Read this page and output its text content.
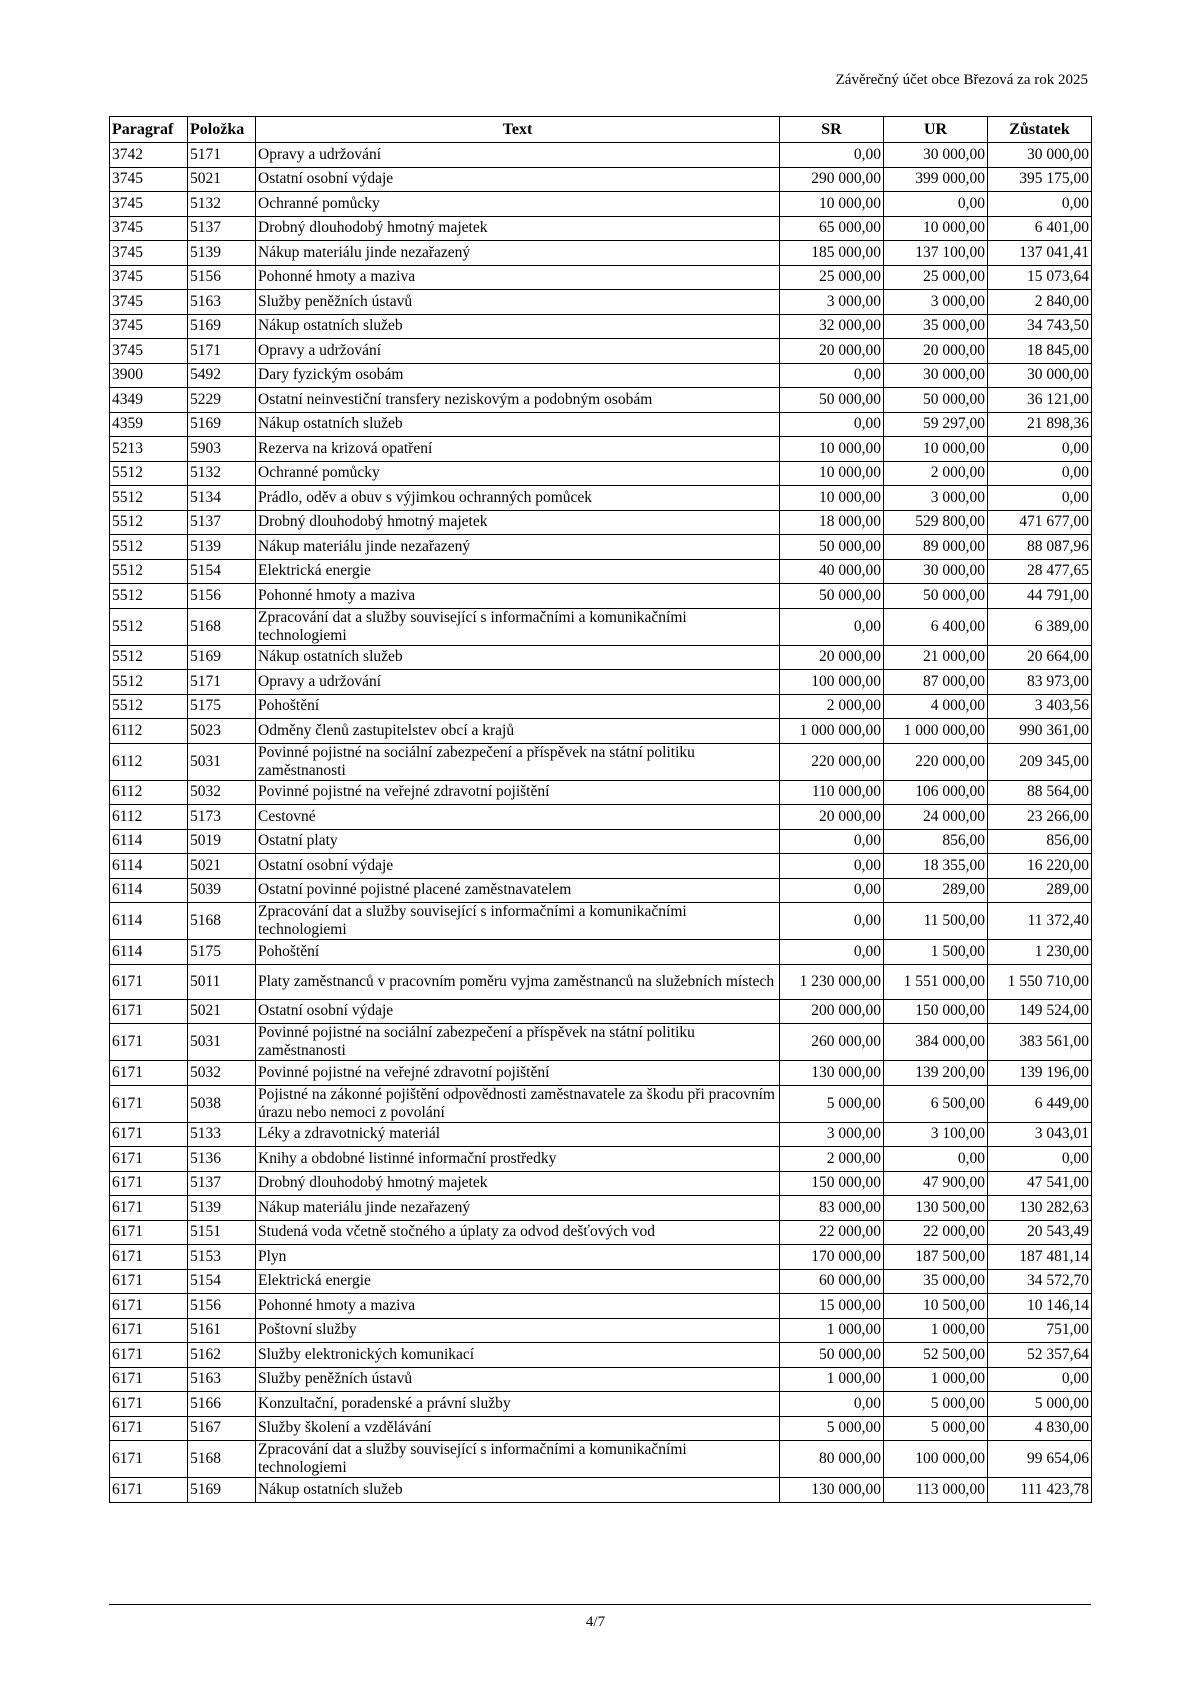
Závěrečný účet obce Březová za rok 2025
Paragraf	Položka	Text	SR	UR	Zůstatek
3742	5171	Opravy a udržování	0,00	30 000,00	30 000,00
3745	5021	Ostatní osobní výdaje	290 000,00	399 000,00	395 175,00
3745	5132	Ochranné pomůcky	10 000,00	0,00	0,00
3745	5137	Drobný dlouhodobý hmotný majetek	65 000,00	10 000,00	6 401,00
3745	5139	Nákup materiálu jinde nezařazený	185 000,00	137 100,00	137 041,41
3745	5156	Pohonné hmoty a maziva	25 000,00	25 000,00	15 073,64
3745	5163	Služby peněžních ústavů	3 000,00	3 000,00	2 840,00
3745	5169	Nákup ostatních služeb	32 000,00	35 000,00	34 743,50
3745	5171	Opravy a udržování	20 000,00	20 000,00	18 845,00
3900	5492	Dary fyzickým osobám	0,00	30 000,00	30 000,00
4349	5229	Ostatní neinvestiční transfery neziskovým a podobným osobám	50 000,00	50 000,00	36 121,00
4359	5169	Nákup ostatních služeb	0,00	59 297,00	21 898,36
5213	5903	Rezerva na krizová opatření	10 000,00	10 000,00	0,00
5512	5132	Ochranné pomůcky	10 000,00	2 000,00	0,00
5512	5134	Prádlo, oděv a obuv s výjimkou ochranných pomůcek	10 000,00	3 000,00	0,00
5512	5137	Drobný dlouhodobý hmotný majetek	18 000,00	529 800,00	471 677,00
5512	5139	Nákup materiálu jinde nezařazený	50 000,00	89 000,00	88 087,96
5512	5154	Elektrická energie	40 000,00	30 000,00	28 477,65
5512	5156	Pohonné hmoty a maziva	50 000,00	50 000,00	44 791,00
5512	5168	Zpracování dat a služby související s informačními a komunikačními technologiemi	0,00	6 400,00	6 389,00
5512	5169	Nákup ostatních služeb	20 000,00	21 000,00	20 664,00
5512	5171	Opravy a udržování	100 000,00	87 000,00	83 973,00
5512	5175	Pohoštění	2 000,00	4 000,00	3 403,56
6112	5023	Odměny členů zastupitelstev obcí a krajů	1 000 000,00	1 000 000,00	990 361,00
6112	5031	Povinné pojistné na sociální zabezpečení a příspěvek na státní politiku zaměstnanosti	220 000,00	220 000,00	209 345,00
6112	5032	Povinné pojistné na veřejné zdravotní pojištění	110 000,00	106 000,00	88 564,00
6112	5173	Cestovné	20 000,00	24 000,00	23 266,00
6114	5019	Ostatní platy	0,00	856,00	856,00
6114	5021	Ostatní osobní výdaje	0,00	18 355,00	16 220,00
6114	5039	Ostatní povinné pojistné placené zaměstnavatelem	0,00	289,00	289,00
6114	5168	Zpracování dat a služby související s informačními a komunikačními technologiemi	0,00	11 500,00	11 372,40
6114	5175	Pohoštění	0,00	1 500,00	1 230,00
6171	5011	Platy zaměstnanců v pracovním poměru vyjma zaměstnanců na služebních místech	1 230 000,00	1 551 000,00	1 550 710,00
6171	5021	Ostatní osobní výdaje	200 000,00	150 000,00	149 524,00
6171	5031	Povinné pojistné na sociální zabezpečení a příspěvek na státní politiku zaměstnanosti	260 000,00	384 000,00	383 561,00
6171	5032	Povinné pojistné na veřejné zdravotní pojištění	130 000,00	139 200,00	139 196,00
6171	5038	Pojistné na zákonné pojištění odpovědnosti zaměstnavatele za škodu při pracovním úrazu nebo nemoci z povolání	5 000,00	6 500,00	6 449,00
6171	5133	Léky a zdravotnický materiál	3 000,00	3 100,00	3 043,01
6171	5136	Knihy a obdobné listinné informační prostředky	2 000,00	0,00	0,00
6171	5137	Drobný dlouhodobý hmotný majetek	150 000,00	47 900,00	47 541,00
6171	5139	Nákup materiálu jinde nezařazený	83 000,00	130 500,00	130 282,63
6171	5151	Studená voda včetně stočného a úplaty za odvod dešťových vod	22 000,00	22 000,00	20 543,49
6171	5153	Plyn	170 000,00	187 500,00	187 481,14
6171	5154	Elektrická energie	60 000,00	35 000,00	34 572,70
6171	5156	Pohonné hmoty a maziva	15 000,00	10 500,00	10 146,14
6171	5161	Poštovní služby	1 000,00	1 000,00	751,00
6171	5162	Služby elektronických komunikací	50 000,00	52 500,00	52 357,64
6171	5163	Služby peněžních ústavů	1 000,00	1 000,00	0,00
6171	5166	Konzultační, poradenské a právní služby	0,00	5 000,00	5 000,00
6171	5167	Služby školení a vzdělávání	5 000,00	5 000,00	4 830,00
6171	5168	Zpracování dat a služby související s informačními a komunikačními technologiemi	80 000,00	100 000,00	99 654,06
6171	5169	Nákup ostatních služeb	130 000,00	113 000,00	111 423,78
4/7
